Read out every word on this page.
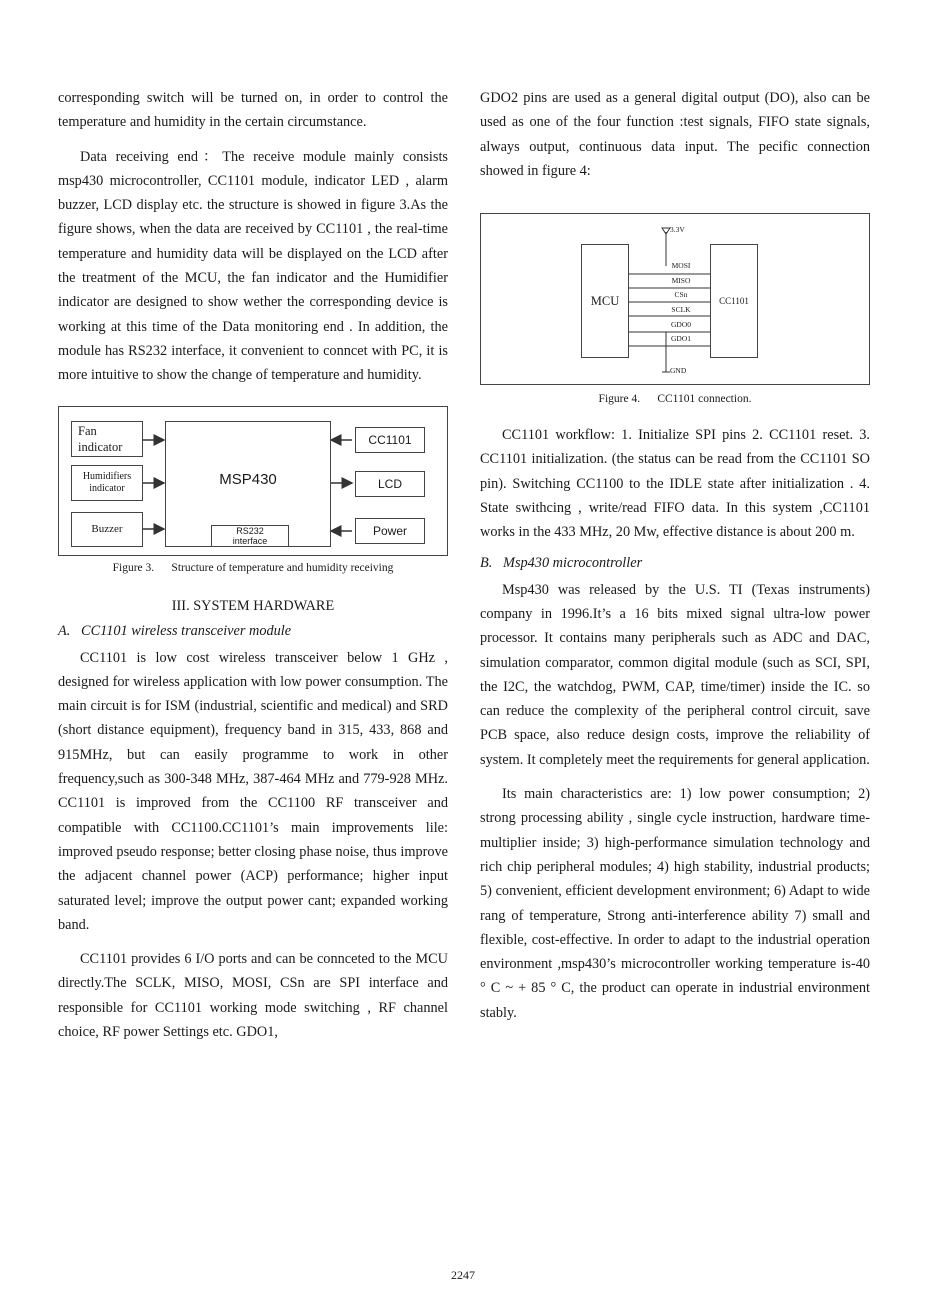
corresponding switch will be turned on, in order to control the temperature and humidity in the certain circumstance.

Data receiving end：The receive module mainly consists msp430 microcontroller, CC1101 module, indicator LED , alarm buzzer, LCD display etc. the structure is showed in figure 3.As the figure shows, when the data are received by CC1101 , the real-time temperature and humidity data will be displayed on the LCD after the treatment of the MCU, the fan indicator and the Humidifier indicator are designed to show wether the corresponding device is working at this time of the Data monitoring end . In addition, the module has RS232 interface, it convenient to conncet with PC, it is more intuitive to show the change of temperature and humidity.

Fan indicator
Humidifiers indicator
Buzzer
MSP430
RS232 interface
CC1101
LCD
Power

Figure 3. Structure of temperature and humidity receiving

III. SYSTEM HARDWARE

A.   CC1101 wireless transceiver module

CC1101 is low cost wireless transceiver below 1 GHz , designed for wireless application with low power consumption. The main circuit is for ISM (industrial, scientific and medical) and SRD (short distance equipment), frequency band in 315, 433, 868 and 915MHz, but can easily programme to work in other frequency,such as 300-348 MHz, 387-464 MHz and 779-928 MHz. CC1101 is improved from the CC1100 RF transceiver and compatible with CC1100.CC1101’s main improvements lile: improved pseudo response; better closing phase noise, thus improve the adjacent channel power (ACP) performance; higher input saturated level; improve the output power cant; expanded working band.

CC1101 provides 6 I/O ports and can be connceted to the MCU directly.The SCLK, MISO, MOSI, CSn are SPI interface and responsible for CC1101 working mode switching , RF channel choice, RF power Settings etc. GDO1,

GDO2 pins are used as a general digital output (DO), also can be used as one of the four function :test signals, FIFO state signals, always output, continuous data input. The pecific connection showed in figure 4:

3.3V
GND
MCU	CC1101
MOSI
MISO
CSn
SCLK
GDO0
GDO1

Figure 4. CC1101 connection.

CC1101 workflow: 1. Initialize SPI pins 2. CC1101 reset. 3. CC1101 initialization. (the status can be read from the CC1101 SO pin). Switching CC1100 to the IDLE state after initialization . 4. State swithcing , write/read FIFO data. In this system ,CC1101 works in the 433 MHz, 20 Mw, effective distance is about 200 m.

B.   Msp430 microcontroller

Msp430 was released by the U.S. TI (Texas instruments) company in 1996.It’s a 16 bits mixed signal ultra-low power processor. It contains many peripherals such as ADC and DAC, simulation comparator, common digital module (such as SCI, SPI, the I2C, the watchdog, PWM, CAP, time/timer) inside the IC. so can reduce the complexity of the peripheral control circuit, save PCB space, also reduce design costs, improve the reliability of system. It completely meet the requirements for general application.

Its main characteristics are: 1) low power consumption; 2) strong processing ability , single cycle instruction, hardware time-multiplier inside; 3) high-performance simulation technology and rich chip peripheral modules; 4) high stability, industrial products; 5) convenient, efficient development environment; 6) Adapt to wide rang of temperature, Strong anti-interference ability 7) small and flexible, cost-effective. In order to adapt to the industrial operation environment ,msp430’s microcontroller working temperature is-40 ° C ~ + 85 ° C, the product can operate in industrial environment stably.

2247
